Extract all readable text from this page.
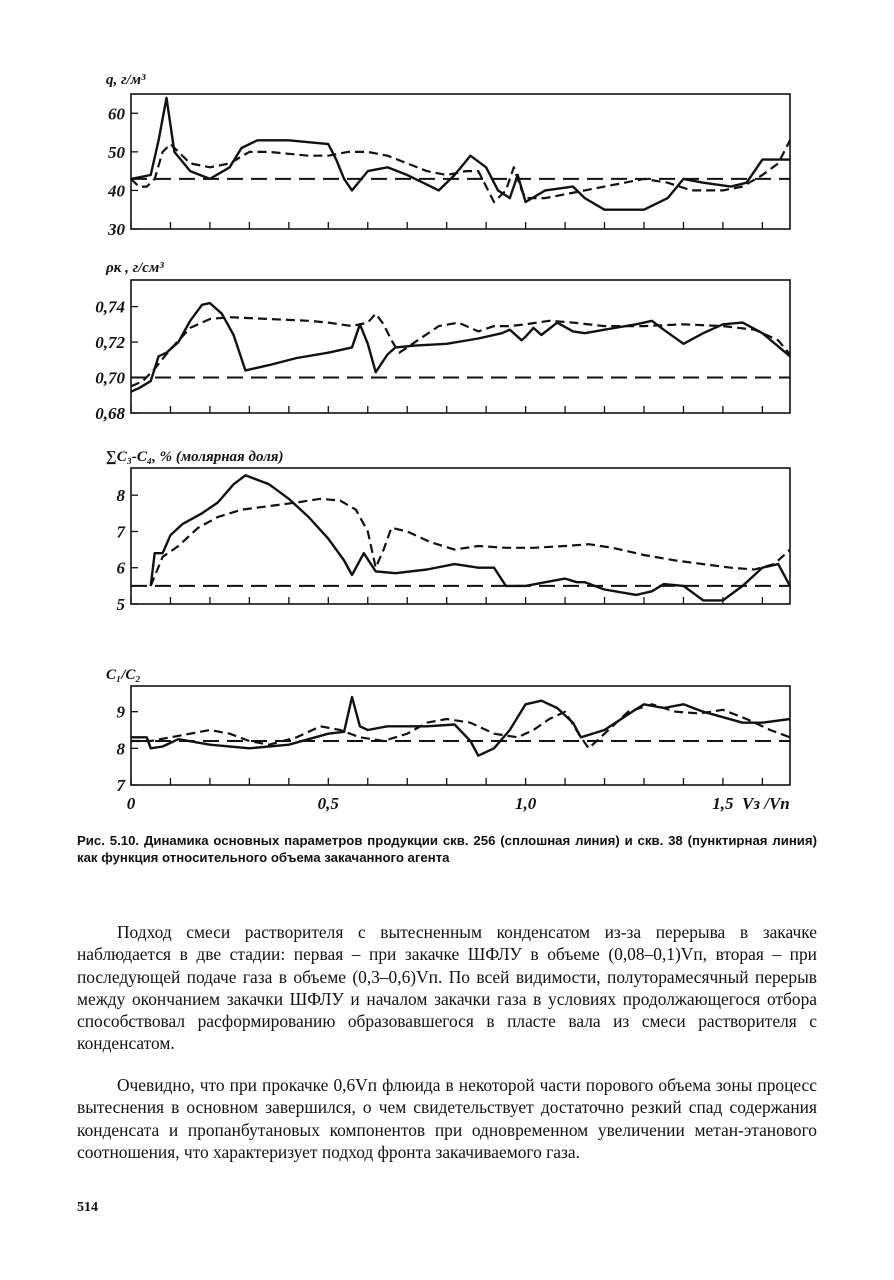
30
40
50
60
q, г/м³
0,68
0,70
0,72
0,74
ρк , г/см³
5
6
7
8
∑C₃-C₄, % (молярная доля)
7
8
9
C₁/C₂
0	0,5	1,0	1,5 Vз /Vп
Рис. 5.10. Динамика основных параметров продукции скв. 256 (сплошная линия) и скв. 38 (пунктирная линия) как функция относительного объема закачанного агента

Подход смеси растворителя с вытесненным конденсатом из-за перерыва в закачке наблюдается в две стадии: первая – при закачке ШФЛУ в объеме (0,08–0,1)Vп, вторая – при последующей подаче газа в объеме (0,3–0,6)Vп. По всей видимости, полуторамесячный перерыв между окончанием закачки ШФЛУ и началом закачки газа в условиях продолжающегося отбора способствовал расформированию образовавшегося в пласте вала из смеси растворителя с конденсатом.

Очевидно, что при прокачке 0,6Vп флюида в некоторой части порового объема зоны процесс вытеснения в основном завершился, о чем свидетельствует достаточно резкий спад содержания конденсата и пропанбутановых компонентов при одновременном увеличении метан-этанового соотношения, что характеризует подход фронта закачиваемого газа.

514
